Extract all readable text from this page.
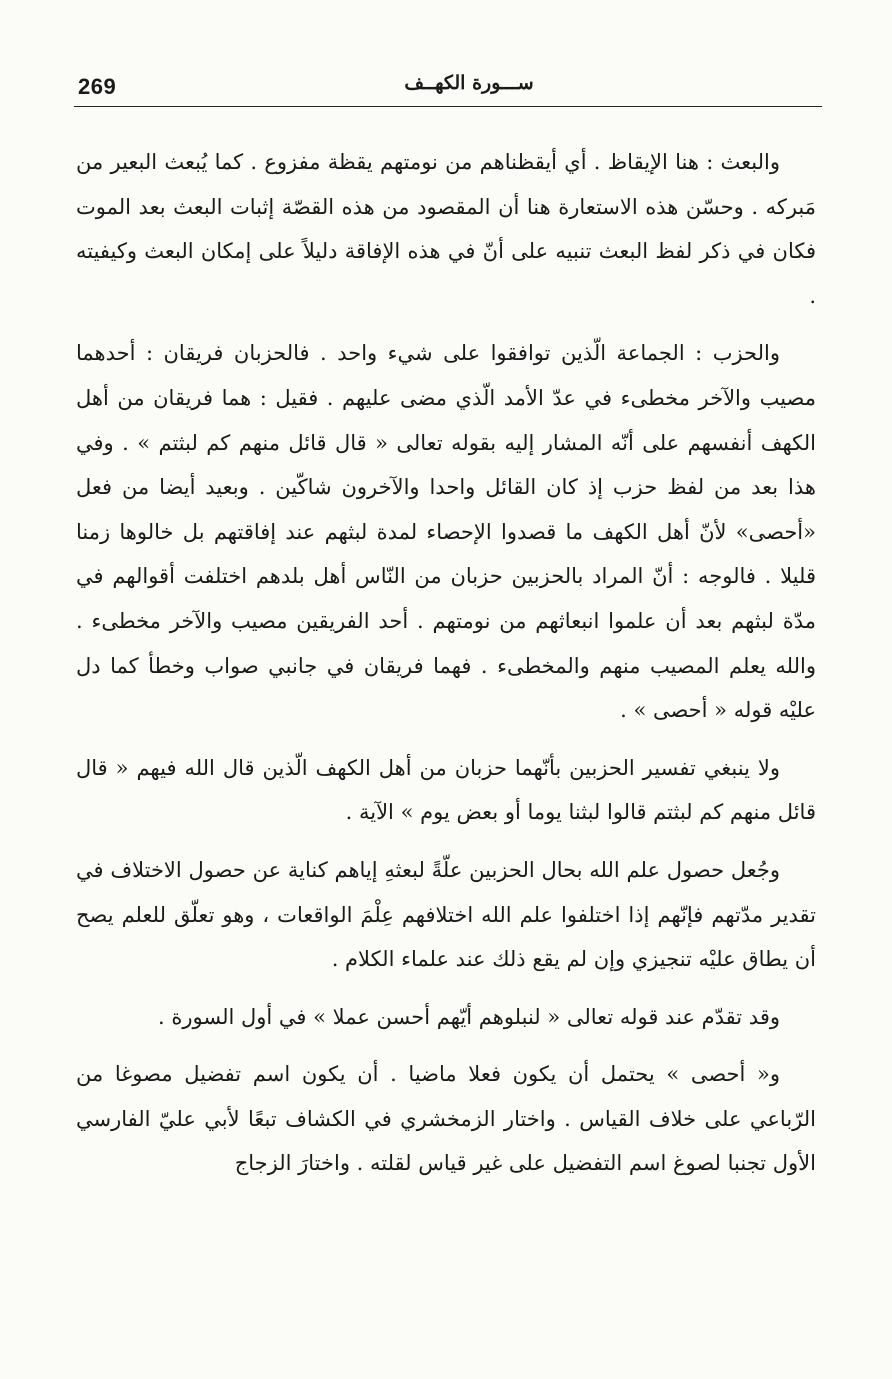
269	ســـورة الكهــف

والبعث : هنا الإيقاظ . أي أيقظناهم من نومتهم يقظة مفزوع . كما يُبعث البعير من مَبركه . وحسّن هذه الاستعارة هنا أن المقصود من هذه القصّة إثبات البعث بعد الموت فكان في ذكر لفظ البعث تنبيه على أنّ في هذه الإفاقة دليلاً على إمكان البعث وكيفيته .

والحزب : الجماعة الّذين توافقوا على شيء واحد . فالحزبان فريقان : أحدهما مصيب والآخر مخطىء في عدّ الأمد الّذي مضى عليهم . فقيل : هما فريقان من أهل الكهف أنفسهم على أنّه المشار إليه بقوله تعالى « قال قائل منهم كم لبثتم » . وفي هذا بعد من لفظ حزب إذ كان القائل واحدا والآخرون شاكّين . وبعيد أيضا من فعل «أحصى» لأنّ أهل الكهف ما قصدوا الإحصاء لمدة لبثهم عند إفاقتهم بل خالوها زمنا قليلا . فالوجه : أنّ المراد بالحزبين حزبان من النّاس أهل بلدهم اختلفت أقوالهم في مدّة لبثهم بعد أن علموا انبعاثهم من نومتهم . أحد الفريقين مصيب والآخر مخطىء . والله يعلم المصيب منهم والمخطىء . فهما فريقان في جانبي صواب وخطأ كما دل عليْه قوله « أحصى » .

ولا ينبغي تفسير الحزبين بأنّهما حزبان من أهل الكهف الّذين قال الله فيهم « قال قائل منهم كم لبثتم قالوا لبثنا يوما أو بعض يوم » الآية .

وجُعل حصول علم الله بحال الحزبين علّةً لبعثهِ إياهم كناية عن حصول الاختلاف في تقدير مدّتهم فإنّهم إذا اختلفوا علم الله اختلافهم عِلْمَ الواقعات ، وهو تعلّق للعلم يصح أن يطاق عليْه تنجيزي وإن لم يقع ذلك عند علماء الكلام .

وقد تقدّم عند قوله تعالى « لنبلوهم أيّهم أحسن عملا » في أول السورة .

و« أحصى » يحتمل أن يكون فعلا ماضيا . أن يكون اسم تفضيل مصوغا من الرّباعي على خلاف القياس . واختار الزمخشري في الكشاف تبعًا لأبي عليّ الفارسي الأول تجنبا لصوغ اسم التفضيل على غير قياس لقلته . واختارَ الزجاج
